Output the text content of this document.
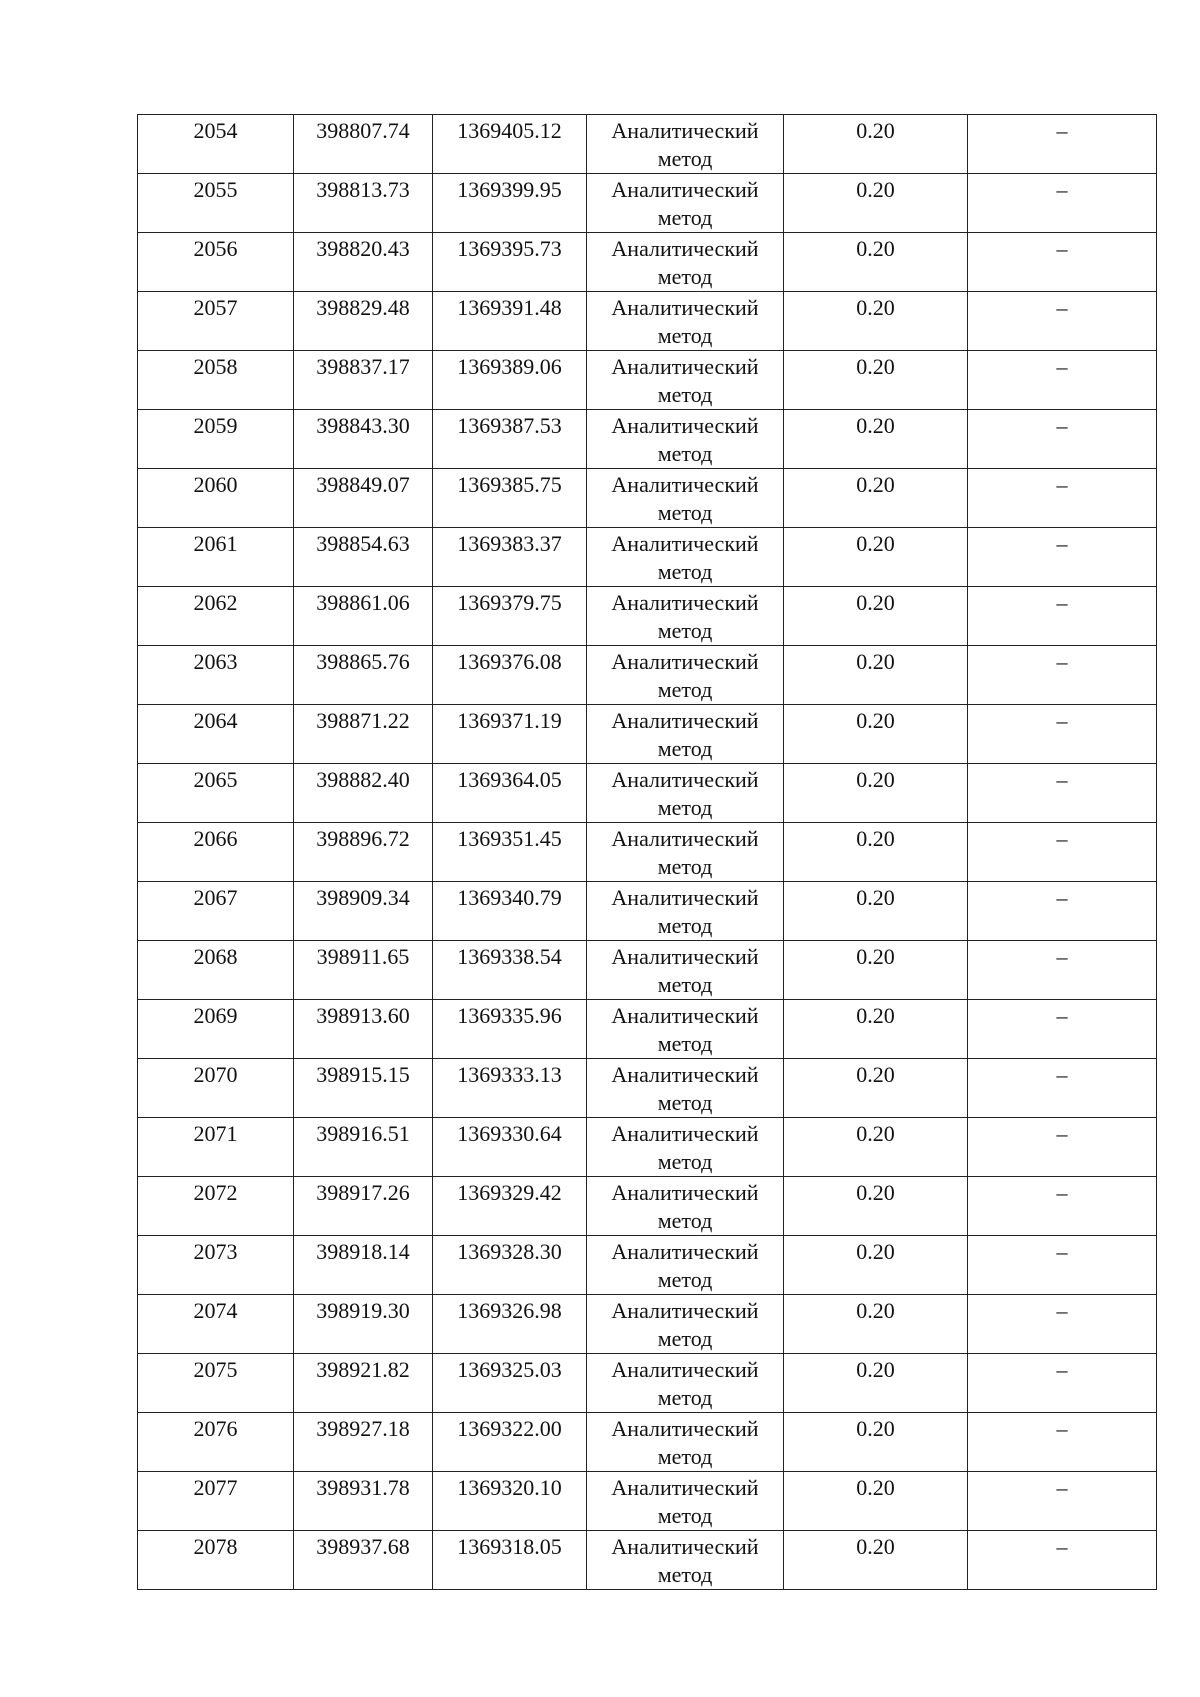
2054	398807.74	1369405.12	Аналитический метод	0.20	–
2055	398813.73	1369399.95	Аналитический метод	0.20	–
2056	398820.43	1369395.73	Аналитический метод	0.20	–
2057	398829.48	1369391.48	Аналитический метод	0.20	–
2058	398837.17	1369389.06	Аналитический метод	0.20	–
2059	398843.30	1369387.53	Аналитический метод	0.20	–
2060	398849.07	1369385.75	Аналитический метод	0.20	–
2061	398854.63	1369383.37	Аналитический метод	0.20	–
2062	398861.06	1369379.75	Аналитический метод	0.20	–
2063	398865.76	1369376.08	Аналитический метод	0.20	–
2064	398871.22	1369371.19	Аналитический метод	0.20	–
2065	398882.40	1369364.05	Аналитический метод	0.20	–
2066	398896.72	1369351.45	Аналитический метод	0.20	–
2067	398909.34	1369340.79	Аналитический метод	0.20	–
2068	398911.65	1369338.54	Аналитический метод	0.20	–
2069	398913.60	1369335.96	Аналитический метод	0.20	–
2070	398915.15	1369333.13	Аналитический метод	0.20	–
2071	398916.51	1369330.64	Аналитический метод	0.20	–
2072	398917.26	1369329.42	Аналитический метод	0.20	–
2073	398918.14	1369328.30	Аналитический метод	0.20	–
2074	398919.30	1369326.98	Аналитический метод	0.20	–
2075	398921.82	1369325.03	Аналитический метод	0.20	–
2076	398927.18	1369322.00	Аналитический метод	0.20	–
2077	398931.78	1369320.10	Аналитический метод	0.20	–
2078	398937.68	1369318.05	Аналитический метод	0.20	–
